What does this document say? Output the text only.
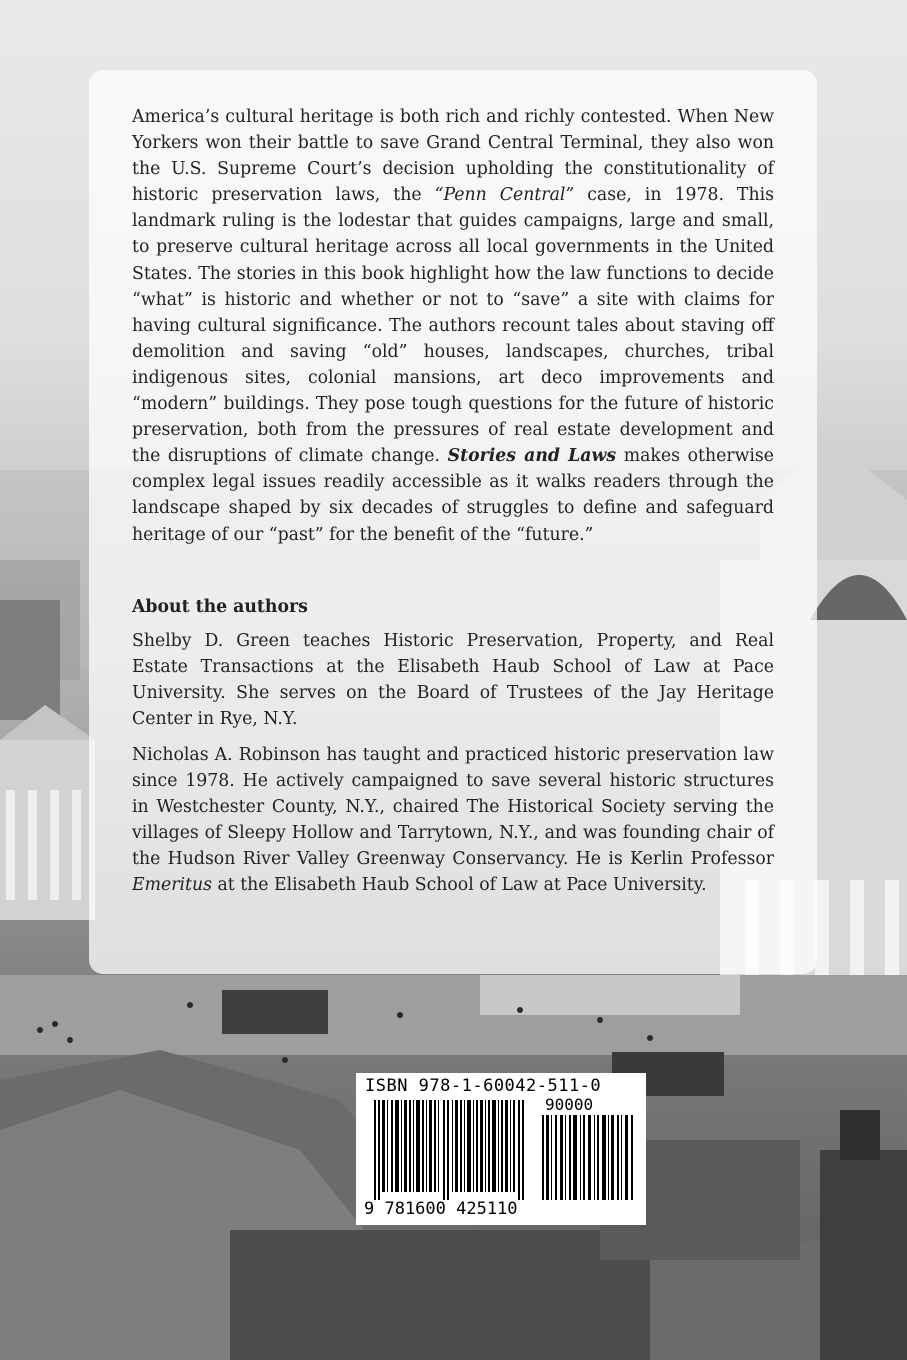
America’s cultural heritage is both rich and richly contested. When New Yorkers won their battle to save Grand Central Terminal, they also won the U.S. Supreme Court’s decision upholding the constitutionality of historic preservation laws, the “Penn Central” case, in 1978. This landmark ruling is the lodestar that guides campaigns, large and small, to preserve cultural heritage across all local governments in the United States. The stories in this book highlight how the law functions to decide “what” is historic and whether or not to “save” a site with claims for having cultural significance. The authors recount tales about staving off demolition and saving “old” houses, landscapes, churches, tribal indigenous sites, colonial mansions, art deco improvements and “modern” buildings. They pose tough questions for the future of historic preservation, both from the pressures of real estate development and the disruptions of climate change. Stories and Laws makes otherwise complex legal issues readily accessible as it walks readers through the landscape shaped by six decades of struggles to define and safeguard heritage of our “past” for the benefit of the “future.”

About the authors

Shelby D. Green teaches Historic Preservation, Property, and Real Estate Transactions at the Elisabeth Haub School of Law at Pace University. She serves on the Board of Trustees of the Jay Heritage Center in Rye, N.Y.

Nicholas A. Robinson has taught and practiced historic preservation law since 1978. He actively campaigned to save several historic structures in Westchester County, N.Y., chaired The Historical Society serving the villages of Sleepy Hollow and Tarrytown, N.Y., and was founding chair of the Hudson River Valley Greenway Conservancy. He is Kerlin Professor Emeritus at the Elisabeth Haub School of Law at Pace University.

ISBN 978-1-60042-511-0
90000
9 781600 425110
